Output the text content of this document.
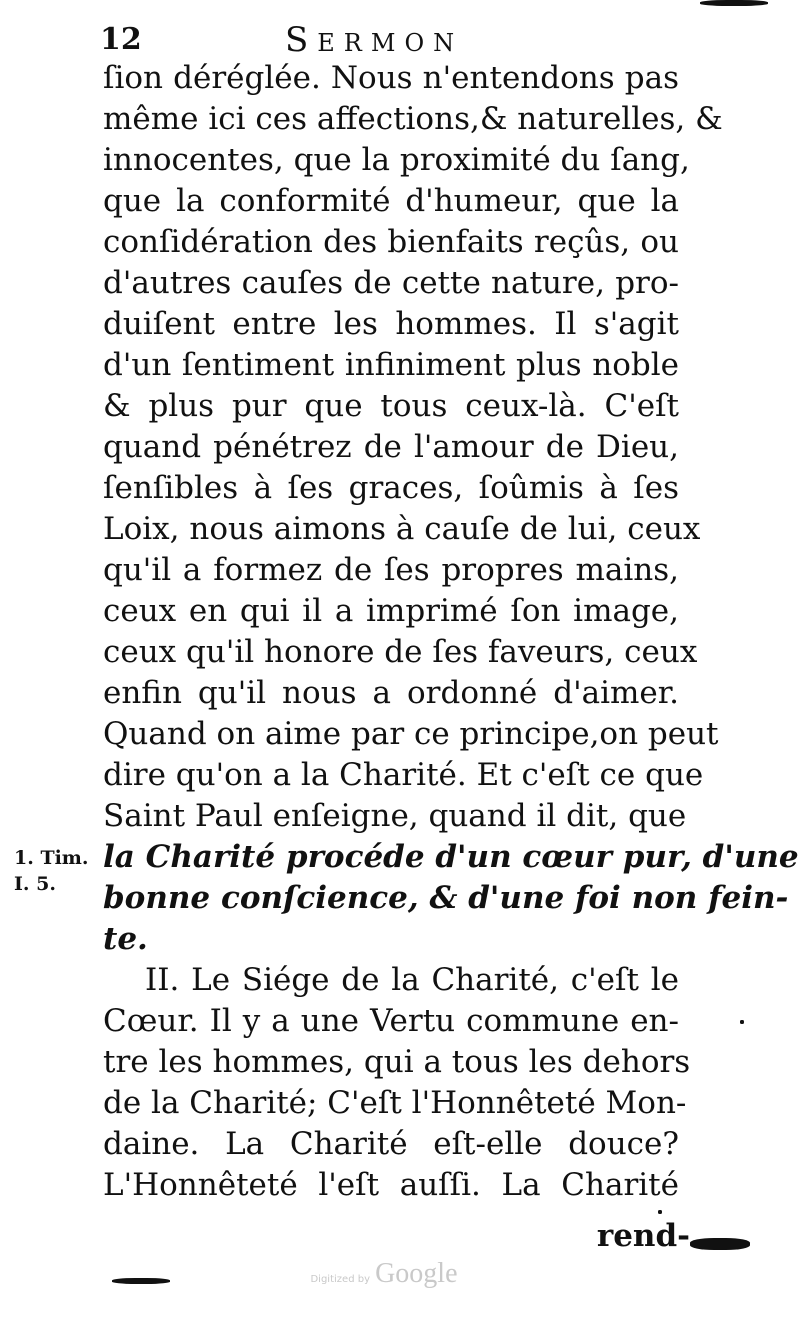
12	Sermon
ſion déréglée. Nous n'entendons pas
même ici ces affections,& naturelles, &
innocentes, que la proximité du ſang,
que la conformité d'humeur, que la
conſidération des bienfaits reçûs, ou
d'autres cauſes de cette nature, pro-
duiſent entre les hommes. Il s'agit
d'un ſentiment infiniment plus noble
& plus pur que tous ceux-là. C'eſt
quand pénétrez de l'amour de Dieu,
ſenſibles à ſes graces, ſoûmis à ſes
Loix, nous aimons à cauſe de lui, ceux
qu'il a formez de ſes propres mains,
ceux en qui il a imprimé ſon image,
ceux qu'il honore de ſes faveurs, ceux
enfin qu'il nous a ordonné d'aimer.
Quand on aime par ce principe,on peut
dire qu'on a la Charité. Et c'eſt ce que
Saint Paul enſeigne, quand il dit, que
la Charité procéde d'un cœur pur, d'une
bonne conſcience, & d'une foi non fein-
te.
II. Le Siége de la Charité, c'eſt le
Cœur. Il y a une Vertu commune en-
tre les hommes, qui a tous les dehors
de la Charité; C'eſt l'Honnêteté Mon-
daine. La Charité eſt-elle douce?
L'Honnêteté l'eſt auſſi. La Charité
1. Tim.
I. 5.
rend-
Digitized by Google
